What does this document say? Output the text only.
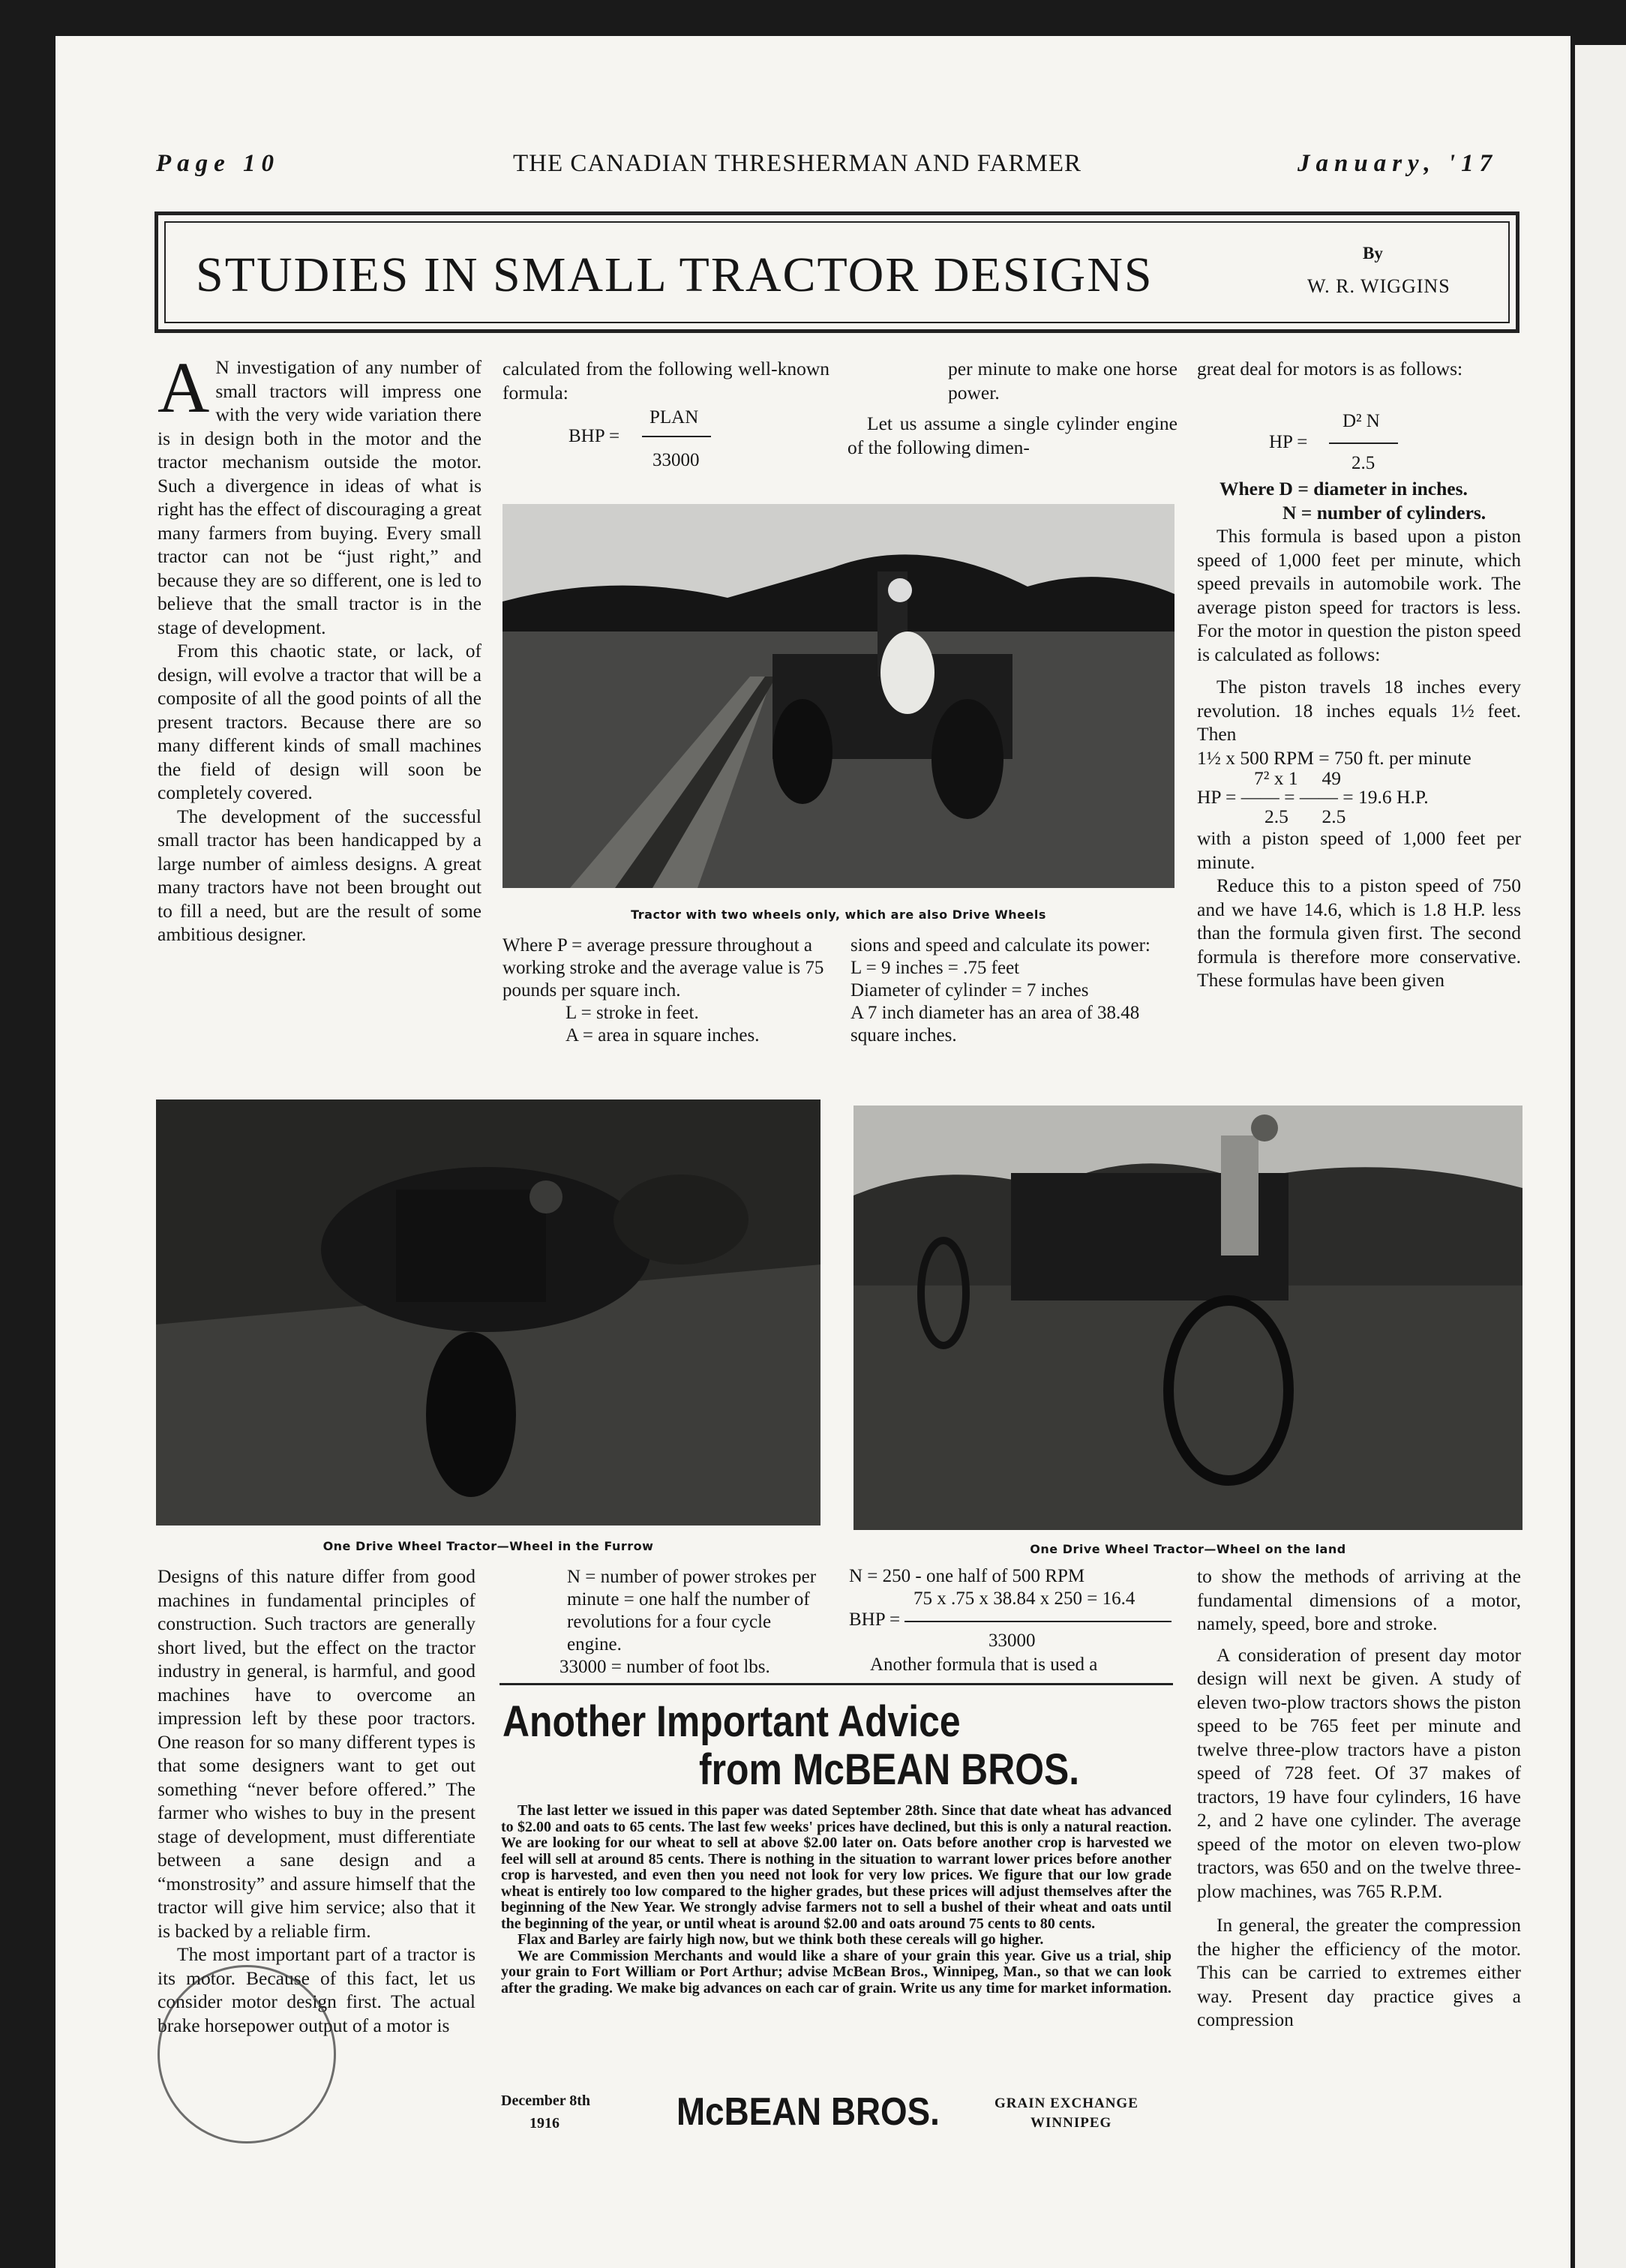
Page 10	THE CANADIAN THRESHERMAN AND FARMER	January, '17
STUDIES IN SMALL TRACTOR DESIGNS	By
W. R. WIGGINS
A N investigation of any number of small tractors will impress one with the very wide variation there is in design both in the motor and the tractor mechanism outside the motor. Such a divergence in ideas of what is right has the effect of discouraging a great many farmers from buying. Every small tractor can not be “just right,” and because they are so different, one is led to believe that the small tractor is in the stage of development.

From this chaotic state, or lack, of design, will evolve a tractor that will be a composite of all the good points of all the present tractors. Because there are so many different kinds of small machines the field of design will soon be completely covered.

The development of the successful small tractor has been handicapped by a large number of aimless designs. A great many tractors have not been brought out to fill a need, but are the result of some ambitious designer.

calculated from the following well-known formula:

BHP =
PLAN
33000

per minute to make one horse power.

Let us assume a single cylinder engine of the following dimen-

Tractor with two wheels only, which are also Drive Wheels

Where P = average pressure throughout a working stroke and the average value is 75 pounds per square inch.

L = stroke in feet.

A = area in square inches.

sions and speed and calculate its power:

L = 9 inches = .75 feet

Diameter of cylinder = 7 inches

A 7 inch diameter has an area of 38.48 square inches.

great deal for motors is as follows:

HP =
D² N
2.5

Where D = diameter in inches.

N = number of cylinders.

This formula is based upon a piston speed of 1,000 feet per minute, which speed prevails in automobile work. The average piston speed for tractors is less. For the motor in question the piston speed is calculated as follows:

The piston travels 18 inches every revolution. 18 inches equals 1½ feet. Then

1½ x 500 RPM = 750 ft. per minute

7² x 1     49

HP = —— = —— = 19.6 H.P.

2.5       2.5

with a piston speed of 1,000 feet per minute.

Reduce this to a piston speed of 750 and we have 14.6, which is 1.8 H.P. less than the formula given first. The second formula is therefore more conservative. These formulas have been given

One Drive Wheel Tractor—Wheel in the Furrow	One Drive Wheel Tractor—Wheel on the land

Designs of this nature differ from good machines in fundamental principles of construction. Such tractors are generally short lived, but the effect on the tractor industry in general, is harmful, and good machines have to overcome an impression left by these poor tractors. One reason for so many different types is that some designers want to get out something “never before offered.” The farmer who wishes to buy in the present stage of development, must differentiate between a sane design and a “monstrosity” and assure himself that the tractor will give him service; also that it is backed by a reliable firm.

The most important part of a tractor is its motor. Because of this fact, let us consider motor design first. The actual brake horsepower output of a motor is

N = number of power strokes per minute = one half the number of revolutions for a four cycle engine.

33000 = number of foot lbs.

N = 250 - one half of 500 RPM
75 x .75 x 38.84 x 250 = 16.4
BHP =
33000
Another formula that is used a
Another Important Advice
from McBEAN BROS.

The last letter we issued in this paper was dated September 28th. Since that date wheat has advanced to $2.00 and oats to 65 cents. The last few weeks' prices have declined, but this is only a natural reaction. We are looking for our wheat to sell at above $2.00 later on. Oats before another crop is harvested we feel will sell at around 85 cents. There is nothing in the situation to warrant lower prices before another crop is harvested, and even then you need not look for very low prices. We figure that our low grade wheat is entirely too low compared to the higher grades, but these prices will adjust themselves after the beginning of the New Year. We strongly advise farmers not to sell a bushel of their wheat and oats until the beginning of the year, or until wheat is around $2.00 and oats around 75 cents to 80 cents.

Flax and Barley are fairly high now, but we think both these cereals will go higher.

We are Commission Merchants and would like a share of your grain this year. Give us a trial, ship your grain to Fort William or Port Arthur; advise McBean Bros., Winnipeg, Man., so that we can look after the grading. We make big advances on each car of grain. Write us any time for market information.

December 8th
1916	McBEAN BROS.	GRAIN EXCHANGE
WINNIPEG

to show the methods of arriving at the fundamental dimensions of a motor, namely, speed, bore and stroke.

A consideration of present day motor design will next be given. A study of eleven two-plow tractors shows the piston speed to be 765 feet per minute and twelve three-plow tractors have a piston speed of 728 feet. Of 37 makes of tractors, 19 have four cylinders, 16 have 2, and 2 have one cylinder. The average speed of the motor on eleven two-plow tractors, was 650 and on the twelve three-plow machines, was 765 R.P.M.

In general, the greater the compression the higher the efficiency of the motor. This can be carried to extremes either way. Present day practice gives a compression
